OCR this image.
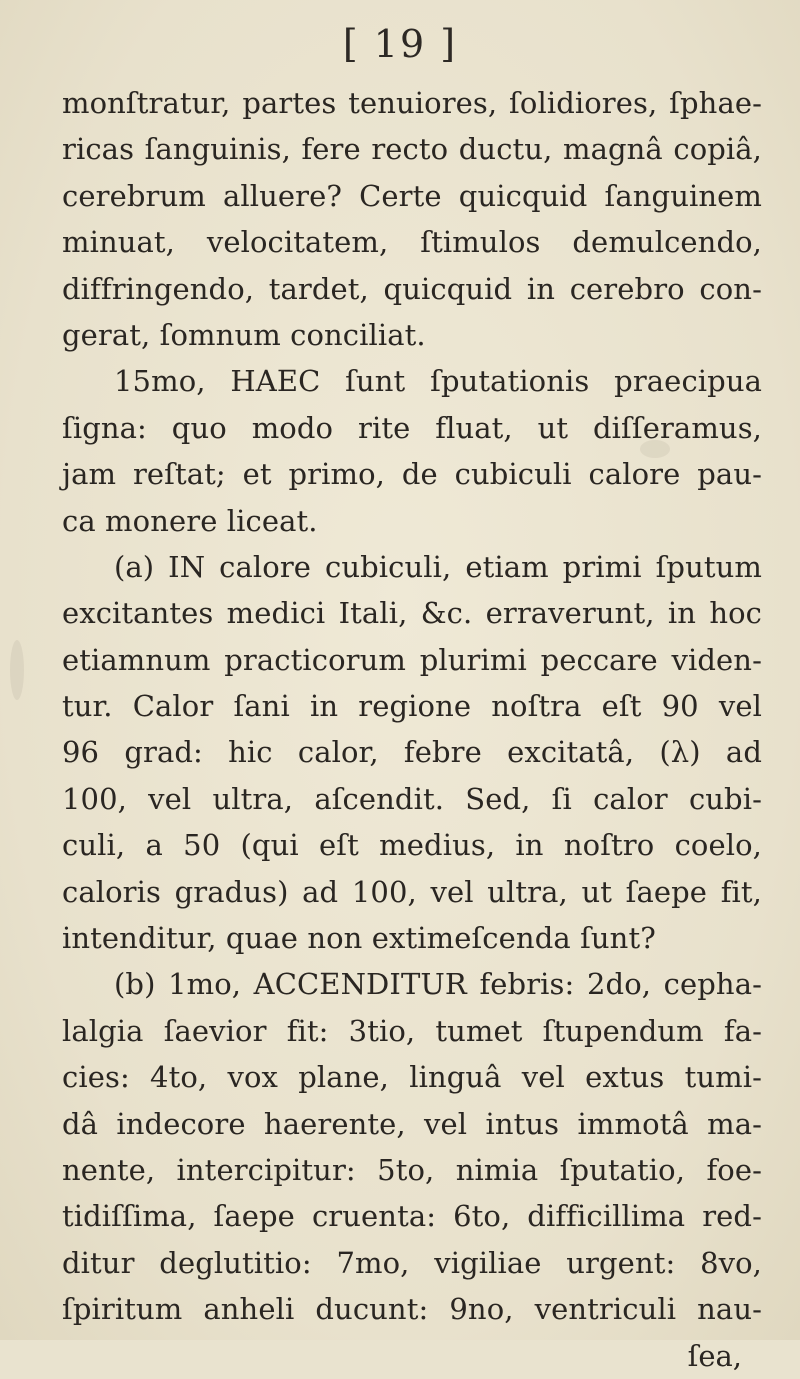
[ 19 ]
monſtratur, partes tenuiores, ſolidiores, ſphae-
ricas ſanguinis, fere recto ductu, magnâ copiâ,
cerebrum alluere? Certe quicquid ſanguinem
minuat, velocitatem, ſtimulos demulcendo,
diffringendo, tardet, quicquid in cerebro con-
gerat, ſomnum conciliat.
15mo, HAEC ſunt ſputationis praecipua
ſigna: quo modo rite fluat, ut diſſeramus,
jam reſtat; et primo, de cubiculi calore pau-
ca monere liceat.
(a) IN calore cubiculi, etiam primi ſputum
excitantes medici Itali, &c. erraverunt, in hoc
etiamnum practicorum plurimi peccare viden-
tur. Calor ſani in regione noſtra eſt 90 vel
96 grad: hic calor, febre excitatâ, (λ) ad
100, vel ultra, aſcendit. Sed, ſi calor cubi-
culi, a 50 (qui eſt medius, in noſtro coelo,
caloris gradus) ad 100, vel ultra, ut ſaepe fit,
intenditur, quae non extimeſcenda ſunt?
(b) 1mo, ACCENDITUR febris: 2do, cepha-
lalgia ſaevior fit: 3tio, tumet ſtupendum fa-
cies: 4to, vox plane, linguâ vel extus tumi-
dâ indecore haerente, vel intus immotâ ma-
nente, intercipitur: 5to, nimia ſputatio, foe-
tidiſſima, ſaepe cruenta: 6to, difficillima red-
ditur deglutitio: 7mo, vigiliae urgent: 8vo,
ſpiritum anheli ducunt: 9no, ventriculi nau-
ſea,
